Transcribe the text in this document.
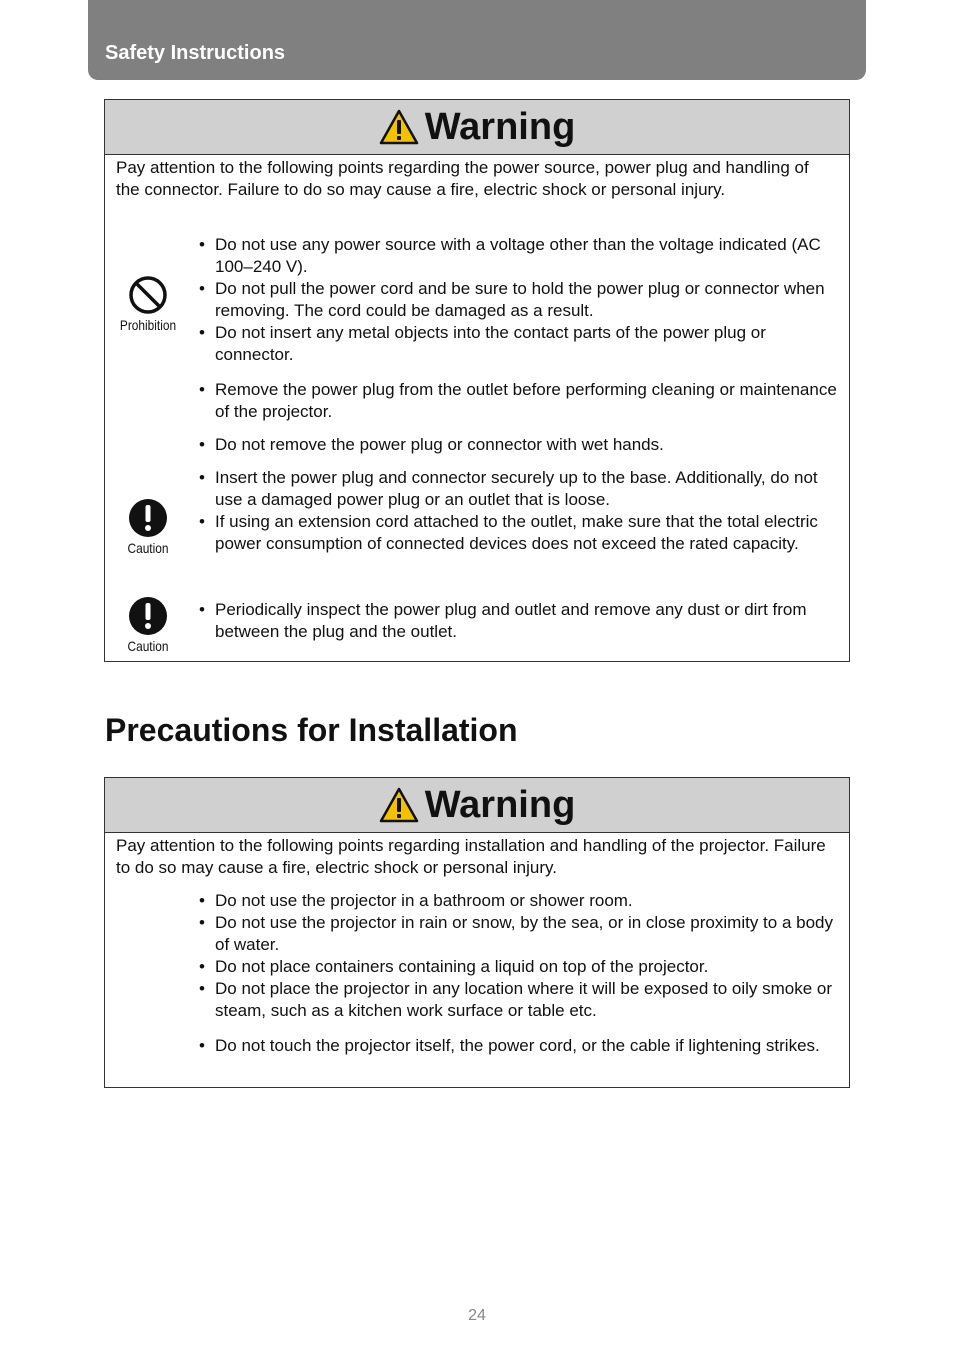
Safety Instructions
Warning
Pay attention to the following points regarding the power source, power plug and handling of the connector. Failure to do so may cause a fire, electric shock or personal injury.
Prohibition
• Do not use any power source with a voltage other than the voltage indicated (AC 100–240 V).
• Do not pull the power cord and be sure to hold the power plug or connector when removing. The cord could be damaged as a result.
• Do not insert any metal objects into the contact parts of the power plug or connector.
• Remove the power plug from the outlet before performing cleaning or maintenance of the projector.
• Do not remove the power plug or connector with wet hands.
Caution
• Insert the power plug and connector securely up to the base. Additionally, do not use a damaged power plug or an outlet that is loose.
• If using an extension cord attached to the outlet, make sure that the total electric power consumption of connected devices does not exceed the rated capacity.
Caution
• Periodically inspect the power plug and outlet and remove any dust or dirt from between the plug and the outlet.
Precautions for Installation
Warning
Pay attention to the following points regarding installation and handling of the projector. Failure to do so may cause a fire, electric shock or personal injury.
• Do not use the projector in a bathroom or shower room.
• Do not use the projector in rain or snow, by the sea, or in close proximity to a body of water.
• Do not place containers containing a liquid on top of the projector.
• Do not place the projector in any location where it will be exposed to oily smoke or steam, such as a kitchen work surface or table etc.
• Do not touch the projector itself, the power cord, or the cable if lightening strikes.
24
